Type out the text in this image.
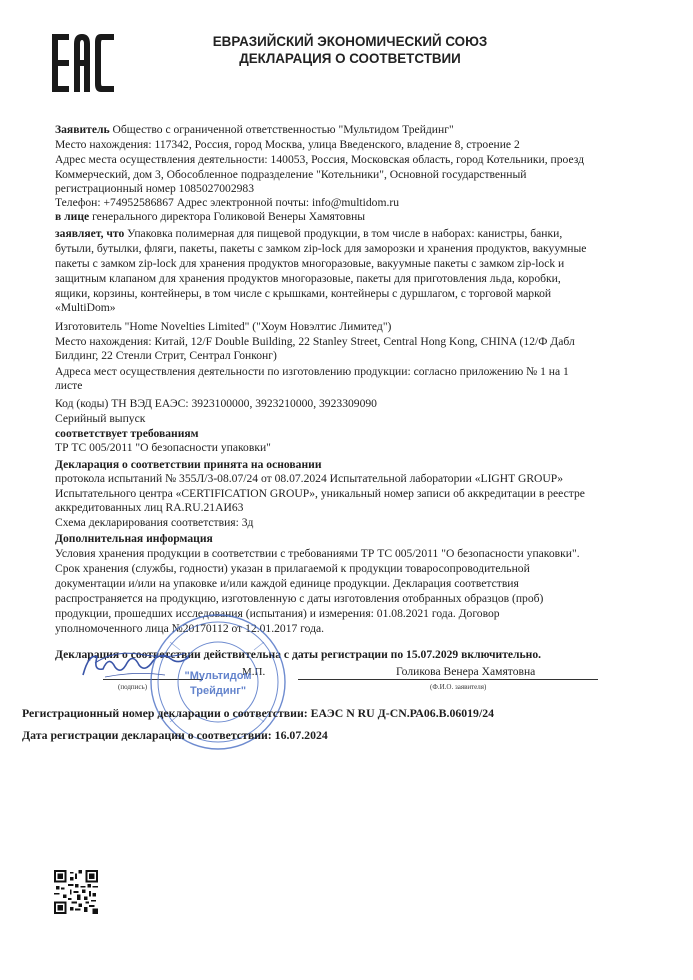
ЕВРАЗИЙСКИЙ ЭКОНОМИЧЕСКИЙ СОЮЗ
ДЕКЛАРАЦИЯ О СООТВЕТСТВИИ
Заявитель Общество с ограниченной ответственностью "Мультидом Трейдинг"
Место нахождения: 117342, Россия, город Москва, улица Введенского, владение 8, строение 2
Адрес места осуществления деятельности: 140053, Россия, Московская область, город Котельники, проезд
Коммерческий, дом 3, Обособленное подразделение "Котельники", Основной государственный
регистрационный номер 1085027002983
Телефон: +74952586867 Адрес электронной почты: info@multidom.ru
в лице генерального директора Голиковой Венеры Хамятовны
заявляет, что Упаковка полимерная для пищевой продукции, в том числе в наборах: канистры, банки,
бутыли, бутылки, фляги, пакеты, пакеты с замком zip-lock для заморозки и хранения продуктов, вакуумные
пакеты с замком zip-lock для хранения продуктов многоразовые, вакуумные пакеты с замком zip-lock и
защитным клапаном для хранения продуктов многоразовые, пакеты для приготовления льда, коробки,
ящики, корзины, контейнеры, в том числе с крышками, контейнеры с дуршлагом, с торговой маркой
«MultiDom»
Изготовитель "Home Novelties Limited" ("Хоум Новэлтис Лимитед")
Место нахождения: Китай, 12/F Double Building, 22 Stanley Street, Central Hong Kong, CHINA (12/Ф Дабл
Билдинг, 22 Стенли Стрит, Сентрал Гонконг)
Адреса мест осуществления деятельности по изготовлению продукции: согласно приложению № 1 на 1
листе
Код (коды) ТН ВЭД ЕАЭС: 3923100000, 3923210000, 3923309090
Серийный выпуск
соответствует требованиям
ТР ТС 005/2011 "О безопасности упаковки"
Декларация о соответствии принята на основании
протокола испытаний № 355Л/3-08.07/24 от 08.07.2024 Испытательной лаборатории «LIGHT GROUP»
Испытательного центра «CERTIFICATION GROUP», уникальный номер записи об аккредитации в реестре
аккредитованных лиц RA.RU.21АИ63
Схема декларирования соответствия: 3д
Дополнительная информация
Условия хранения продукции в соответствии с требованиями ТР ТС 005/2011 "О безопасности упаковки".
Срок хранения (службы, годности) указан в прилагаемой к продукции товаросопроводительной
документации и/или на упаковке и/или каждой единице продукции. Декларация соответствия
распространяется на продукцию, изготовленную с даты изготовления отобранных образцов (проб)
продукции, прошедших исследования (испытания) и измерения: 01.08.2021 года. Договор
уполномоченного лица №20170112 от 12.01.2017 года.
Декларация о соответствии действительна с даты регистрации по 15.07.2029 включительно.
М.П.	Голикова Венера Хамятовна
(подпись)	(Ф.И.О. заявителя)
"Мультидом
Трейдинг"
Регистрационный номер декларации о соответствии: ЕАЭС N RU Д-CN.РА06.В.06019/24
Дата регистрации декларации о соответствии: 16.07.2024
